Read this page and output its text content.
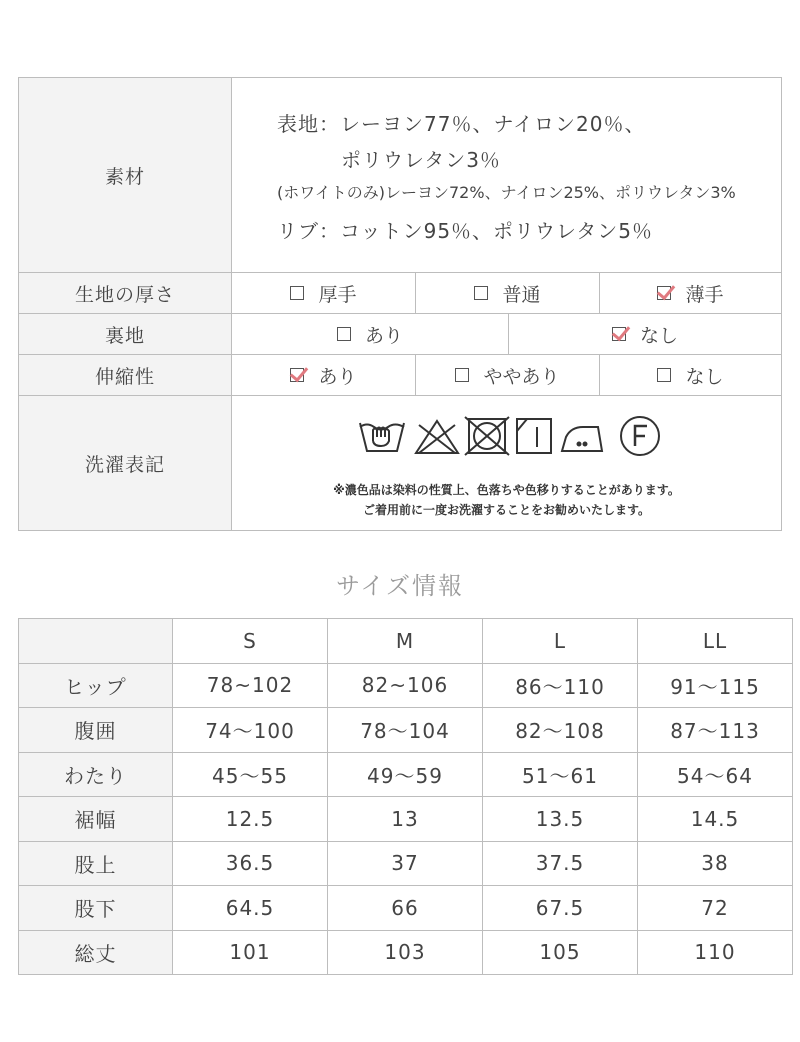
素材
表地：レーヨン77％、ナイロン20％、
ポリウレタン3％
(ホワイトのみ)レーヨン72%、ナイロン25%、ポリウレタン3%
リブ：コットン95％、ポリウレタン5％
生地の厚さ	厚手	普通	薄手
裏地	あり	なし
伸縮性	あり	ややあり	なし
洗濯表記
※濃色品は染料の性質上、色落ちや色移りすることがあります。
ご着用前に一度お洗濯することをお勧めいたします。
サイズ情報
	S	M	L	LL
ヒップ	78~102	82~106	86～110	91～115
腹囲	74～100	78～104	82～108	87～113
わたり	45～55	49～59	51～61	54～64
裾幅	12.5	13	13.5	14.5
股上	36.5	37	37.5	38
股下	64.5	66	67.5	72
総丈	101	103	105	110
